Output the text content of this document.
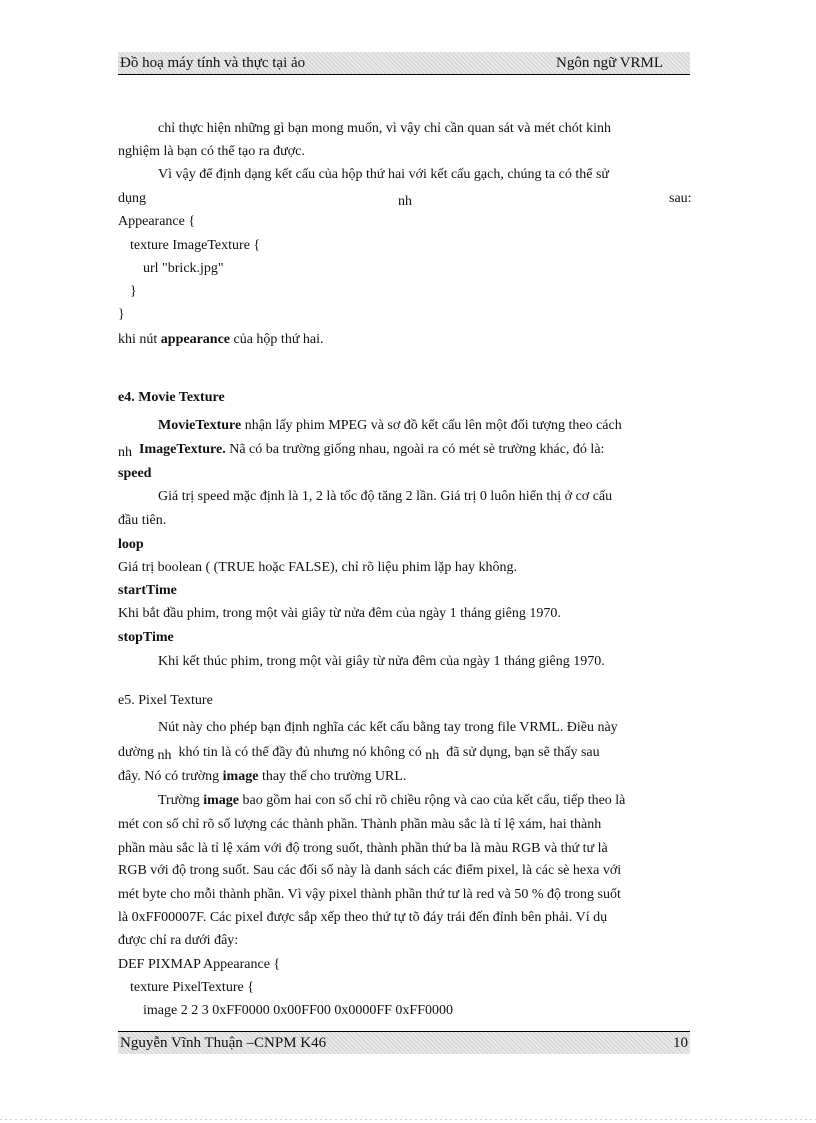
Đồ hoạ máy tính và thực tại ảo	Ngôn ngữ VRML
chỉ thực hiện những gì bạn mong muốn, vì vậy chỉ cần quan sát và mét chót kinh
nghiệm là bạn có thể tạo ra được.
Vì vậy để định dạng kết cấu của hộp thứ hai với kết cấu gạch, chúng ta có thể sử
dụng	nh	sau:
Appearance {
texture ImageTexture {
url "brick.jpg"
}
}
khi nút appearance của hộp thứ hai.
e4. Movie Texture
MovieTexture nhận lấy phim MPEG và sơ đồ kết cấu lên một đối tượng theo cách
nh ImageTexture. Nã có ba trường giống nhau, ngoài ra có mét sè trường khác, đó là:
speed
Giá trị speed mặc định là 1, 2 là tốc độ tăng 2 lần. Giá trị 0 luôn hiển thị ở cơ cấu
đầu tiên.
loop
Giá trị boolean ( (TRUE hoặc FALSE), chỉ rõ liệu phim lặp hay không.
startTime
Khi bắt đầu phim, trong một vài giây từ nửa đêm của ngày 1 tháng giêng 1970.
stopTime
Khi kết thúc phim, trong một vài giây từ nửa đêm của ngày 1 tháng giêng 1970.
e5. Pixel Texture
Nút này cho phép bạn định nghĩa các kết cấu bằng tay trong file VRML. Điều này
dường nh khó tin là có thể đầy đủ nhưng nó không có nh đã sử dụng, bạn sẽ thấy sau
đây. Nó có trường image thay thế cho trường URL.
Trường image bao gồm hai con số chỉ rõ chiều rộng và cao của kết cấu, tiếp theo là
mét con số chỉ rõ số lượng các thành phần. Thành phần màu sắc là tỉ lệ xám, hai thành
phần màu sắc là tỉ lệ xám với độ trong suốt, thành phần thứ ba là màu RGB và thứ tư là
RGB với độ trong suốt. Sau các đối số này là danh sách các điểm pixel, là các sè hexa với
mét byte cho mỗi thành phần. Vì vậy pixel thành phần thứ tư là red và 50 % độ trong suốt
là 0xFF00007F. Các pixel được sắp xếp theo thứ tự tõ đáy trái đến đỉnh bên phải. Ví dụ
được chỉ ra dưới đây:
DEF PIXMAP Appearance {
texture PixelTexture {
image 2 2 3 0xFF0000 0x00FF00 0x0000FF 0xFF0000
Nguyễn Vĩnh Thuận –CNPM K46	10
